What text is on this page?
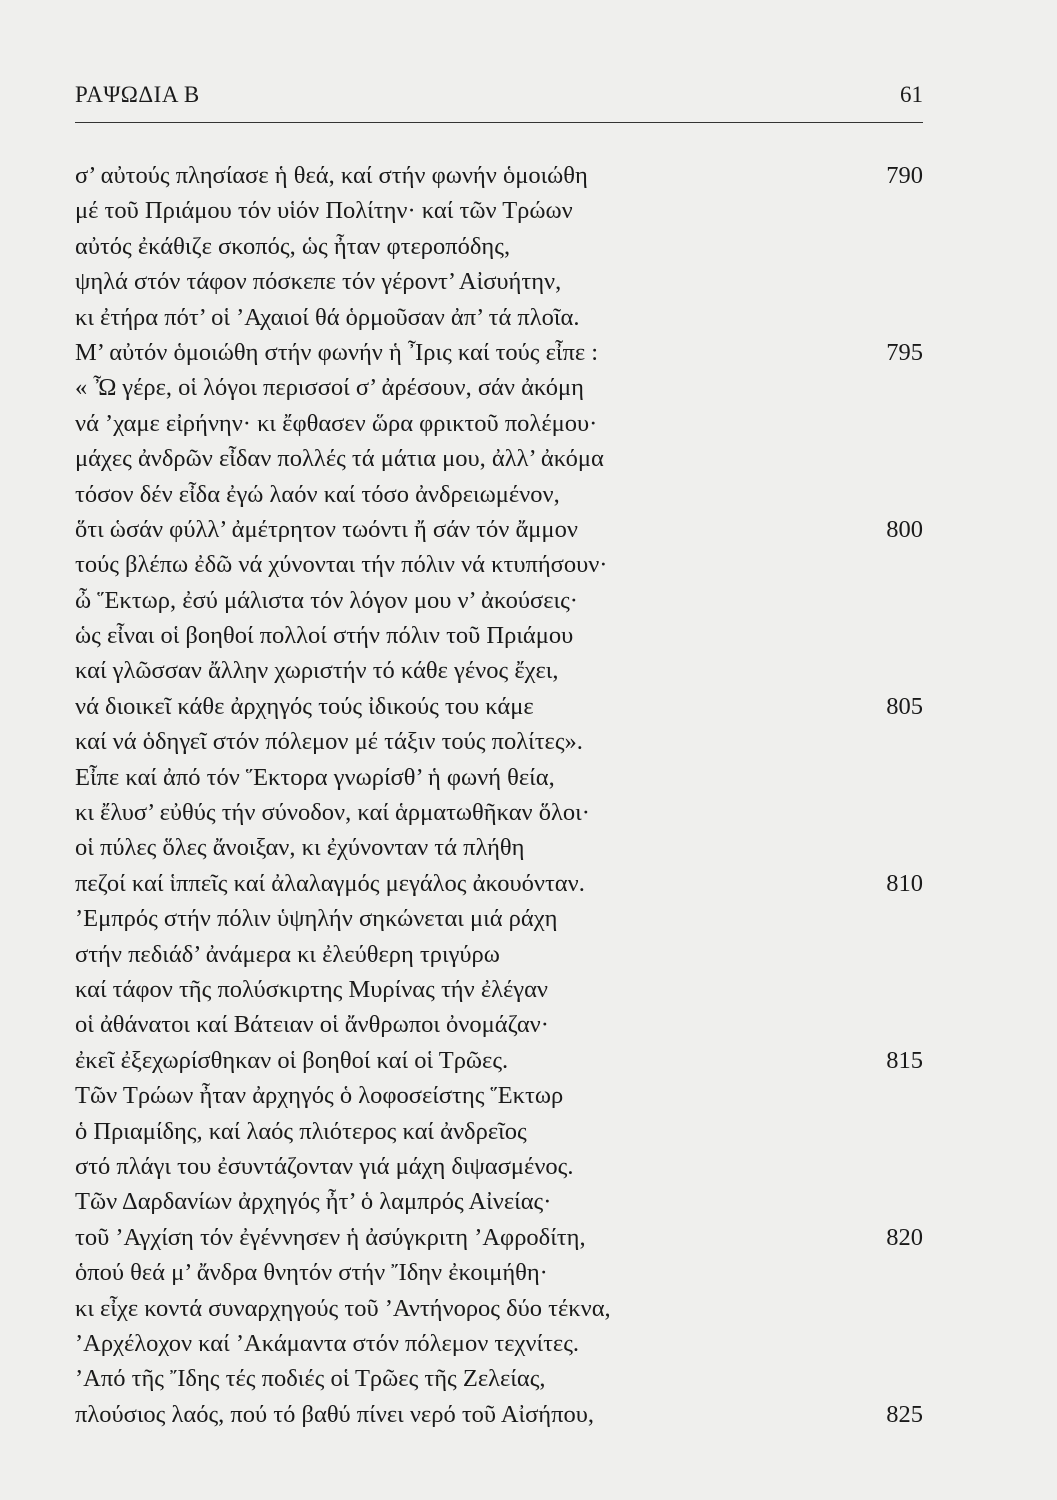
ΡΑΨΩΔΙΑ Β	61
σ’ αὐτούς πλησίασε ἡ θεά, καί στήν φωνήν ὁμοιώθη	790
μέ τοῦ Πριάμου τόν υἱόν Πολίτην· καί τῶν Τρώων
αὐτός ἐκάθιζε σκοπός, ὡς ἦταν φτεροπόδης,
ψηλά στόν τάφον πόσκεπε τόν γέροντ’ Αἰσυήτην,
κι ἐτήρα πότ’ οἱ ’Αχαιοί θά ὁρμοῦσαν ἀπ’ τά πλοῖα.
Μ’ αὐτόν ὁμοιώθη στήν φωνήν ἡ Ἶρις καί τούς εἶπε :	795
« Ὦ γέρε, οἱ λόγοι περισσοί σ’ ἀρέσουν, σάν ἀκόμη
νά ’χαμε εἰρήνην· κι ἔφθασεν ὥρα φρικτοῦ πολέμου·
μάχες ἀνδρῶν εἶδαν πολλές τά μάτια μου, ἀλλ’ ἀκόμα
τόσον δέν εἶδα ἐγώ λαόν καί τόσο ἀνδρειωμένον,
ὅτι ὡσάν φύλλ’ ἀμέτρητον τωόντι ἤ σάν τόν ἄμμον	800
τούς βλέπω ἐδῶ νά χύνονται τήν πόλιν νά κτυπήσουν·
ὦ Ἕκτωρ, ἐσύ μάλιστα τόν λόγον μου ν’ ἀκούσεις·
ὡς εἶναι οἱ βοηθοί πολλοί στήν πόλιν τοῦ Πριάμου
καί γλῶσσαν ἄλλην χωριστήν τό κάθε γένος ἔχει,
νά διοικεῖ κάθε ἀρχηγός τούς ἰδικούς του κάμε	805
καί νά ὁδηγεῖ στόν πόλεμον μέ τάξιν τούς πολίτες».
Εἶπε καί ἀπό τόν Ἕκτορα γνωρίσθ’ ἡ φωνή θεία,
κι ἔλυσ’ εὐθύς τήν σύνοδον, καί ἁρματωθῆκαν ὅλοι·
οἱ πύλες ὅλες ἄνοιξαν, κι ἐχύνονταν τά πλήθη
πεζοί καί ἱππεῖς καί ἀλαλαγμός μεγάλος ἀκουόνταν.	810
’Εμπρός στήν πόλιν ὑψηλήν σηκώνεται μιά ράχη
στήν πεδιάδ’ ἀνάμερα κι ἐλεύθερη τριγύρω
καί τάφον τῆς πολύσκιρτης Μυρίνας τήν ἐλέγαν
οἱ ἀθάνατοι καί Βάτειαν οἱ ἄνθρωποι ὀνομάζαν·
ἐκεῖ ἐξεχωρίσθηκαν οἱ βοηθοί καί οἱ Τρῶες.	815
Τῶν Τρώων ἦταν ἀρχηγός ὁ λοφοσείστης Ἕκτωρ
ὁ Πριαμίδης, καί λαός πλιότερος καί ἀνδρεῖος
στό πλάγι του ἐσυντάζονταν γιά μάχη διψασμένος.
Τῶν Δαρδανίων ἀρχηγός ἦτ’ ὁ λαμπρός Αἰνείας·
τοῦ ’Αγχίση τόν ἐγέννησεν ἡ ἀσύγκριτη ’Αφροδίτη,	820
ὁπού θεά μ’ ἄνδρα θνητόν στήν Ἴδην ἐκοιμήθη·
κι εἶχε κοντά συναρχηγούς τοῦ ’Αντήνορος δύο τέκνα,
’Αρχέλοχον καί ’Ακάμαντα στόν πόλεμον τεχνίτες.
’Από τῆς Ἴδης τές ποδιές οἱ Τρῶες τῆς Ζελείας,
πλούσιος λαός, πού τό βαθύ πίνει νερό τοῦ Αἰσήπου,	825
